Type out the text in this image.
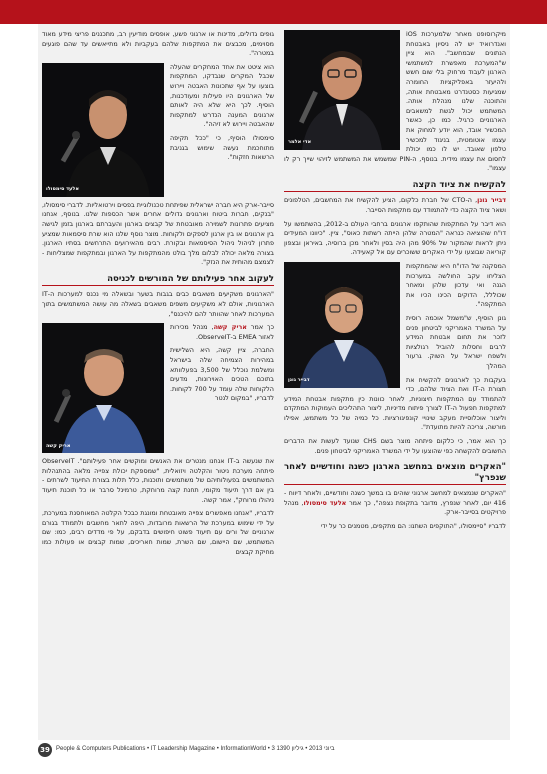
אדי אלמר

מיקרוסופט מאחר שלמערכות iOS ואנדרואיד יש לה ניסיון באבטחת הנתונים שבמחשב". הוא ציין ש"המערכת מאפשרת למשתמשי הארגון לעבוד מרחוק בלי שום חשש ולהיעזר באפליקציות החומרה שמגיעות כסטנדרט מאבטחת אותה, והתוכנה שלנו מנהלת אותה. המשתמש יכול לגשת למשאבים הארגוניים כרגיל. כמו כן, כאשר המכשיר אובד, הוא יודע למחוק את עצמו אוטומטית, בניגוד למכשיר טלפון שאובד. יש לו כמו יכולת לחסום את עצמו מידית. בנוסף, ה-PIN שמשמש את המשתמש לזיהוי שייך רק לו עצמו".

להקשיח את ציוד הקצה

דבייר גונן, ה-CTO של חברת כלקום, הציע להקשיח את המחשבים, הטלפונים ושאר ציוד הקצה כדי להתמודד עם מתקפות הסייבר.

הוא דיבר על המתקפות שהותקפו ארגונים ברחבי העולם ב-2012, בהשתמשו על דו"ח שהוציאה כנראה "המטרה שלהן הייתה רשתות כאוס", ציין. "כיוונו המעידים ניתן לראות שהמקור של 90% מהן היה בסין ולאחר מכן ברוסיה, באיראן ובצפון קוריאה שבוצעו על ידי האקרים ששוכרים עם אל קאעידה.

דבייר גונן

המסקנה של הדו"ח היא שהמתקפות הצליחו עקב החולשה במערכות הגנה ואי עדכון שלהן ומאחר שכוללל, הדוקים הכינו הכיו את המתקפה".

גונן הוסיף, ש"משמל אוכמה רוסית על המשרד האמריקני לביטחון פנים לזכר את תחום אבטחת המידע לרבים וחסלות להוביל רגולציות ולשפח ישראל על השוק. גרעור המהלך

בעקבות כך לארגונים להקשיח את תצורת ה-IT ואת הציוד שלהם, כדי להתמודד עם המתקפות חיצוניות, לאחר כוונות כין מתקפות אבטחת המידע למתקפות תפעול ה-IT לצורך פיתוח מדיניות, ליצור התהליכים העמוקות המתקדם וליצור אוכלוסיית מעקב שינויי קונפיגורציות. כל כמיה של כל משתמש, אפילו מורשה, צריכה להיות מתועדת".

כך הוא אמר, כי כלקום פיתחה מוצר בשם CHS שנועד לעשות את הדברים החשובים להקשחה כפי שהוצעו על ידי המשרד האמריקני לביטחון פנים.

"האקרים מוצאים במחשב הארגון כשנה וחודשיים לאחר שנפרץ"

"האקרים שנמצאים למחשב ארגוני שוהים בו במשך כשנה וחודשיים, ולאחר דיווח - 416 יום, לאחר שנפרץ, מדובר בתקופת נצפה", כך אמר אלעד סימסולו, מנהל פרויקטים בסייבר-ארק.

לדבריו "סיימסולו, "התוקפים השתנו: הם מתקפים, מטמנים כר על ידי

גופים גדולים, מדינות או ארגוני פשע, אופסים מודיעין רב, מתכננים פריצי מידע מאוד מסוימים, מכבצים את המתקפות שלהם בעקביות ולא מתייאשים עד שהם פוגעים במטרה".

אלעד סימסולו

הוא ציטט את אחד המחקרים שהעלה שכבל המקרים שנבדקו, המתקפות בוצעו על אף שתכונות האבטה ויירוש של הארגונים היו פעילות ומעודכנות, הוסיף. לכך היא שלא היה לאותם ארגונים המענה הנדרש למתקפות שהאבטה ויירוש לא זיהה".

סימסולו הוסיף, כי "ככל תקיפה מתוחכמת נעשה שימוש בגניבת הרשאות חזקות".

סייבר-ארק היא חברה ישראלית שפיתחת טכנולוגיית בפסים וירטואליות. לדברי סימסולו, "בנקים, חברות ביטוח וארגונים גדולים אחרים אשר הכספות שלנו. בנוסף, אנחנו מציעים פתרונות לשמירה מאובטחת של קבצים בארגון והעברתם בארגון בזמן לגישה בין ארגונים או בין ארגון לספקים ולקוחות. מוצר נוסף שלנו הוא שרת סיסמאות שמציע פתרון לניהול ניהול הסיסמאות ובקורת. רבים מהאירועים התרחשים בסתיו הארגון. בצורה מלאה יכולה לבלום מלך בולט מהמתקפות על הארגון ובמתקפות שמצליחות - לצמצם מהותית את הנזק".

לעקוב אחר פעילותם של המורשים לכניסה

"הארגונים משקיעים משאבים כבים בגבות בשער ובשאלה מי נכנס למערכות ה-IT הארגוניות, אולם לא משקיעים משפים משאבים בשאלה מה עושה המשתמשים בתוך המערכות לאחר שהוותר להם להיכנס",

אריק קשה

כך אמר אריק קשה, מנהל מכירות לאזור EMEA ב-ObserveIT.

החברה, ציין קשה, היא השלישית במהירות הצמיחה שלה בישראל ומשלמת נוכלל של 3,500 בפעלוותא בתוכם הטכים האוירונות, מדעים הלקוחות שלה עומד על 700 לקוחות. לדבריו, "במקום לנטר

את שנעשה ב-IT אנחנו מנטרים את האנשים ומוקשים אחר פעילותם". ObserveIT פיתחה מערכת ניטור והקלטה ויזואלית, "שמספקת יכולת צפייה מלאה בהתנהלות המשתמשים בפעולותיהם של משתמשים ותוכנות, כלל תלות בצורת התיעוד לשרתים - בין אם דרך תיעוד מקומי, תחנת קצה מרוחקת, טרמינל סרבר או כל תוכנת תיעוד ניהולו מרוחק", אמר קשה.

לדבריו, "אנחנו מאפשרים צפייה מאובטחת ומונגת כבכל הקלטה המאוחסנת במערכת, על ידי שימוש במערכת של הרשאות מרובדות, היפה לתאר מחשבים ולתמודד בגורם ארגוניים של ורים עם תיעוד פשוט חיפושים בדבקם, על פי מדדים רבים, כמו: שם המשתמש, שם היישום, שם השרת, שמות חאריכים, שמות קבצים או פעולות כמו מחיקת קבצים

39	People & Computers Publications • IT Leadership Magazine • InformationWorld • 3 ביוני 2013 • גיליון 1390
